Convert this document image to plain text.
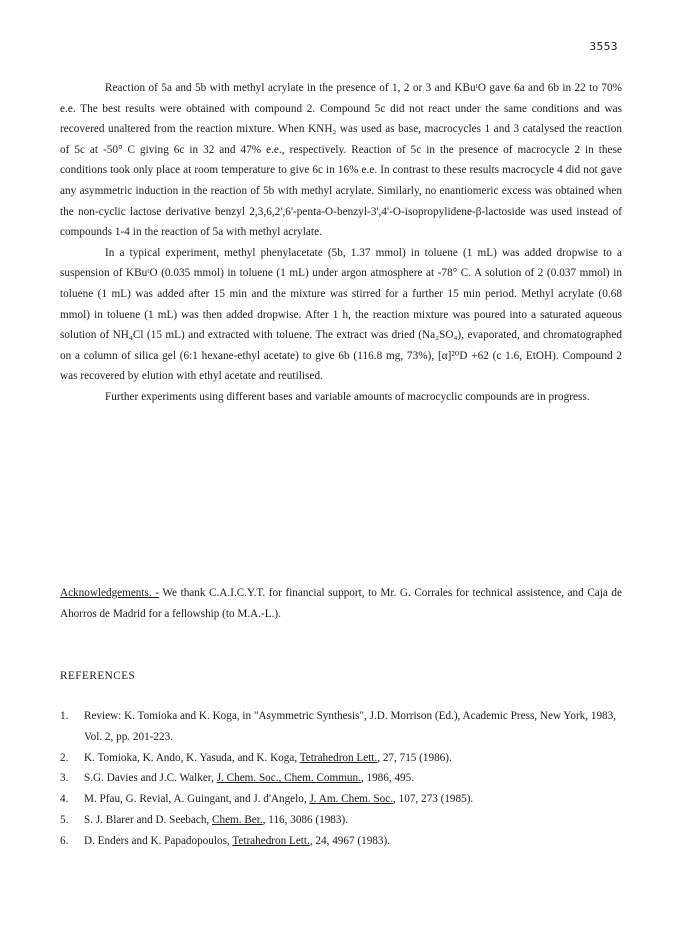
3553

Reaction of 5a and 5b with methyl acrylate in the presence of 1, 2 or 3 and KBuᵗO gave 6a and 6b in 22 to 70% e.e. The best results were obtained with compound 2. Compound 5c did not react under the same conditions and was recovered unaltered from the reaction mixture. When KNH₂ was used as base, macrocycles 1 and 3 catalysed the reaction of 5c at -50° C giving 6c in 32 and 47% e.e., respectively. Reaction of 5c in the presence of macrocycle 2 in these conditions took only place at room temperature to give 6c in 16% e.e. In contrast to these results macrocycle 4 did not gave any asymmetric induction in the reaction of 5b with methyl acrylate. Similarly, no enantiomeric excess was obtained when the non-cyclic lactose derivative benzyl 2,3,6,2',6'-penta-O-benzyl-3',4'-O-isopropylidene-β-lactoside was used instead of compounds 1-4 in the reaction of 5a with methyl acrylate.

In a typical experiment, methyl phenylacetate (5b, 1.37 mmol) in toluene (1 mL) was added dropwise to a suspension of KBuᵗO (0.035 mmol) in toluene (1 mL) under argon atmosphere at -78° C. A solution of 2 (0.037 mmol) in toluene (1 mL) was added after 15 min and the mixture was stirred for a further 15 min period. Methyl acrylate (0.68 mmol) in toluene (1 mL) was then added dropwise. After 1 h, the reaction mixture was poured into a saturated aqueous solution of NH₄Cl (15 mL) and extracted with toluene. The extract was dried (Na₂SO₄), evaporated, and chromatographed on a column of silica gel (6:1 hexane-ethyl acetate) to give 6b (116.8 mg, 73%), [α]²⁰D +62 (c 1.6, EtOH). Compound 2 was recovered by elution with ethyl acetate and reutilised.

Further experiments using different bases and variable amounts of macrocyclic compounds are in progress.

Acknowledgements. - We thank C.A.I.C.Y.T. for financial support, to Mr. G. Corrales for technical assistence, and Caja de Ahorros de Madrid for a fellowship (to M.A.-L.).
REFERENCES
1. Review: K. Tomioka and K. Koga, in "Asymmetric Synthesis", J.D. Morrison (Ed.), Academic Press, New York, 1983, Vol. 2, pp. 201-223.
2. K. Tomioka, K. Ando, K. Yasuda, and K. Koga, Tetrahedron Lett., 27, 715 (1986).
3. S.G. Davies and J.C. Walker, J. Chem. Soc., Chem. Commun., 1986, 495.
4. M. Pfau, G. Revial, A. Guingant, and J. d'Angelo, J. Am. Chem. Soc., 107, 273 (1985).
5. S. J. Blarer and D. Seebach, Chem. Ber., 116, 3086 (1983).
6. D. Enders and K. Papadopoulos, Tetrahedron Lett., 24, 4967 (1983).
